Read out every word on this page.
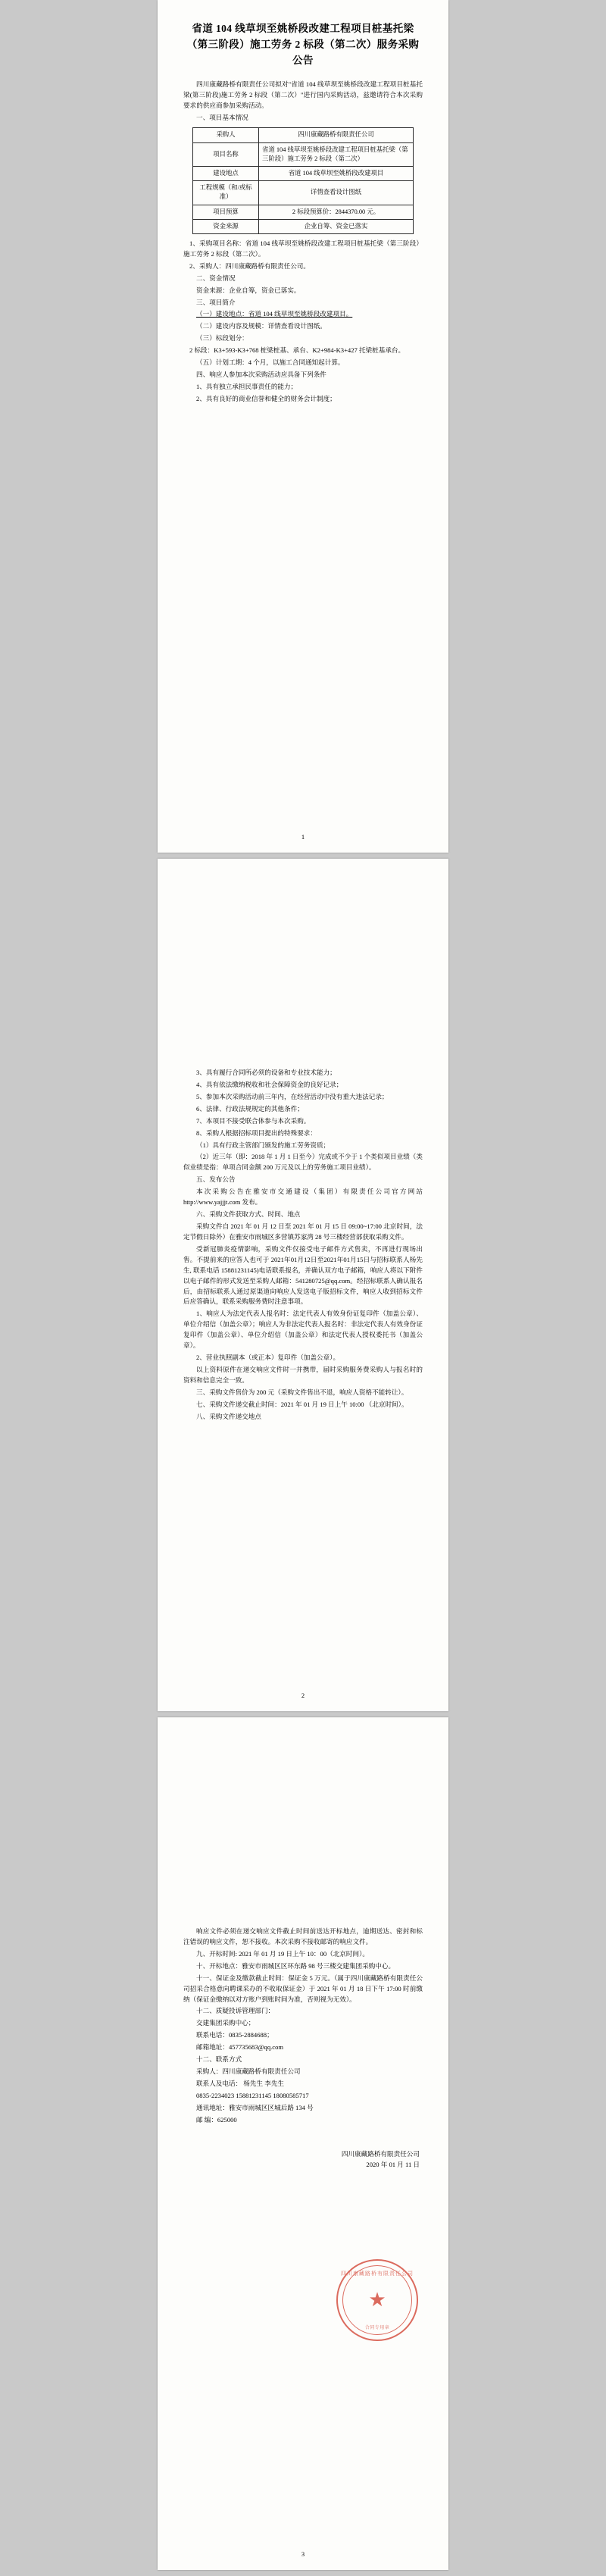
省道 104 线草坝至姚桥段改建工程项目桩基托梁（第三阶段）施工劳务 2 标段（第二次）服务采购公告

四川康藏路桥有限责任公司拟对"省道 104 线草坝至姚桥段改建工程项目桩基托梁(第三阶段)施工劳务 2 标段（第二次）"进行国内采购活动，兹邀请符合本次采购要求的供应商参加采购活动。

一、项目基本情况

采购人	四川康藏路桥有限责任公司
项目名称	省道 104 线草坝至姚桥段改建工程项目桩基托梁（第三阶段）施工劳务 2 标段（第二次）
建设地点	省道 104 线草坝至姚桥段改建项目
工程规模（和/或标准）	详情查看设计图纸
项目预算	2 标段预算价：2844370.00 元。
资金来源	企业自筹、资金已落实

1、采购项目名称：省道 104 线草坝至姚桥段改建工程项目桩基托梁（第三阶段）施工劳务 2 标段（第二次）。

2、采购人：四川康藏路桥有限责任公司。

二、资金情况

资金来源：企业自筹，资金已落实。

三、项目简介

（一）建设地点：省道 104 线草坝至姚桥段改建项目。

（二）建设内容及规模：详情查看设计图纸。

（三）标段划分：

2 标段：K3+593-K3+768 桩梁桩基、承台、K2+984-K3+427 托梁桩基承台。

（五）计划工期：4 个月，以施工合同通知起计算。

四、响应人参加本次采购活动应具备下列条件

1、具有独立承担民事责任的能力；

2、具有良好的商业信誉和健全的财务会计制度；

1

3、具有履行合同所必须的设备和专业技术能力；

4、具有依法缴纳税收和社会保障资金的良好记录；

5、参加本次采购活动前三年内，在经营活动中没有重大违法记录；

6、法律、行政法规规定的其他条件；

7、本项目不接受联合体参与本次采购。

8、采购人根据招标项目提出的特殊要求：

（1）具有行政主管部门颁发的施工劳务资质；

（2）近三年（即：2018 年 1 月 1 日至今）完成或不少于 1 个类似项目业绩（类似业绩是指：单项合同金额 200 万元及以上的劳务施工项目业绩）。

五、发布公告

本次采购公告在雅安市交通建设（集团）有限责任公司官方网站 http://www.yajjjt.com 发布。

六、采购文件获取方式、时间、地点

采购文件自 2021 年 01 月 12 日至 2021 年 01 月 15 日 09:00~17:00 北京时间，法定节假日除外）在雅安市雨城区多营镇苏家湾 28 号三楼经营部获取采购文件。

受新冠肺炎疫情影响，采购文件仅接受电子邮件方式售卖，不再进行现场出售。不提前来的应答人也可于 2021年01月12日至2021年01月15日与招标联系人杨先生, 联系电话 15881231145)电话联系报名，并确认双方电子邮箱，响应人将以下附件以电子邮件的形式发送至采购人邮箱：541280725@qq.com。经招标联系人确认报名后，由招标联系人通过原渠道向响应人发送电子版招标文件，响应人收到招标文件后应答确认，联系采购服务费时注意事项。

1、响应人为法定代表人报名时：法定代表人有效身份证复印件（加盖公章）、单位介绍信（加盖公章）；响应人为非法定代表人报名时：非法定代表人有效身份证复印件（加盖公章）、单位介绍信（加盖公章）和法定代表人授权委托书（加盖公章）。

2、营业执照副本（或正本）复印件（加盖公章）。

以上资料原件在递交响应文件时一并携带，届时采购服务费采购人与报名时的资料和信息完全一致。

三、采购文件售价为 200 元（采购文件售出不退，响应人资格不能转让）。

七、采购文件递交截止时间：2021 年 01 月 19 日上午 10:00 （北京时间）。

八、采购文件递交地点

2

响应文件必须在递交响应文件截止时间前送达开标地点，逾期送达、密封和标注错误的响应文件，恕不接收。本次采购不接收邮寄的响应文件。

九、开标时间: 2021 年 01 月 19 日上午 10：00（北京时间）。

十、开标地点：雅安市雨城区区环东路 98 号三楼交建集团采购中心。

十一、保证金及缴款截止时间：保证金 5 万元。（属于四川康藏路桥有限责任公司招采合格意向聘课采办的不收取保证金）于 2021 年 01 月 18 日下午 17:00 时前缴纳（保证金缴纳以对方账户到账时间为准，否则视为无效）。

十二、质疑投诉管理部门：

交建集团采购中心；

联系电话：0835-2884688；

邮箱地址：457735683@qq.com

十二、联系方式

采购人：四川康藏路桥有限责任公司

联系人及电话： 杨先生 李先生

0835-2234023 15881231145 18080585717

通讯地址：雅安市雨城区区城后路 134 号

邮 编：625000

四川康藏路桥有限责任公司
2020 年 01 月 11 日
四川康藏路桥有限责任公司
★
合同专用章
3
